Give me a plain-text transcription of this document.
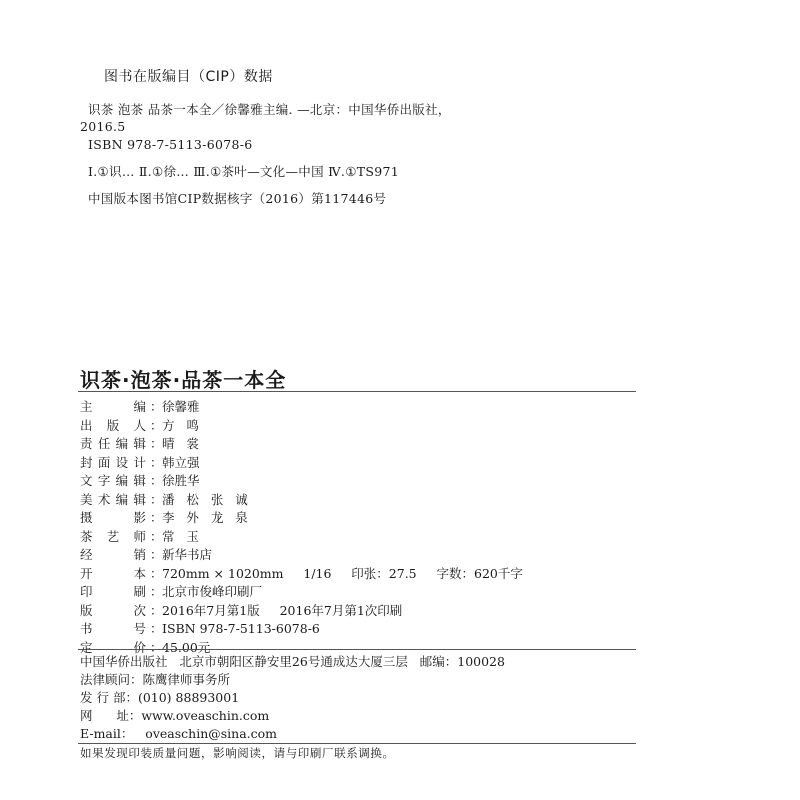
图书在版编目（CIP）数据
识茶 泡茶 品茶一本全／徐馨雅主编. —北京：中国华侨出版社，
2016.5
ISBN 978-7-5113-6078-6
Ⅰ.①识… Ⅱ.①徐… Ⅲ.①茶叶—文化—中国 Ⅳ.①TS971
中国版本图书馆CIP数据核字（2016）第117446号
识茶·泡茶·品茶一本全
主	编 ： 徐馨雅
出 版 人 ： 方   鸣
责 任 编 辑 ： 晴   裳
封 面 设 计 ： 韩立强
文 字 编 辑 ： 徐胜华
美 术 编 辑 ： 潘   松   张   诚
摄	影 ： 李   外   龙   泉
茶 艺 师 ： 常   玉
经	销 ： 新华书店
开	本 ： 720mm × 1020mm     1/16     印张：27.5     字数：620千字
印	刷 ： 北京市俊峰印刷厂
版	次 ： 2016年7月第1版     2016年7月第1次印刷
书	号 ： ISBN 978-7-5113-6078-6
定	价 ： 45.00元
中国华侨出版社   北京市朝阳区静安里26号通成达大厦三层   邮编：100028
法律顾问：陈鹰律师事务所
发 行 部：(010) 88893001
网      址：www.oveaschin.com
E-mail：   oveaschin@sina.com
如果发现印装质量问题，影响阅读，请与印刷厂联系调换。
